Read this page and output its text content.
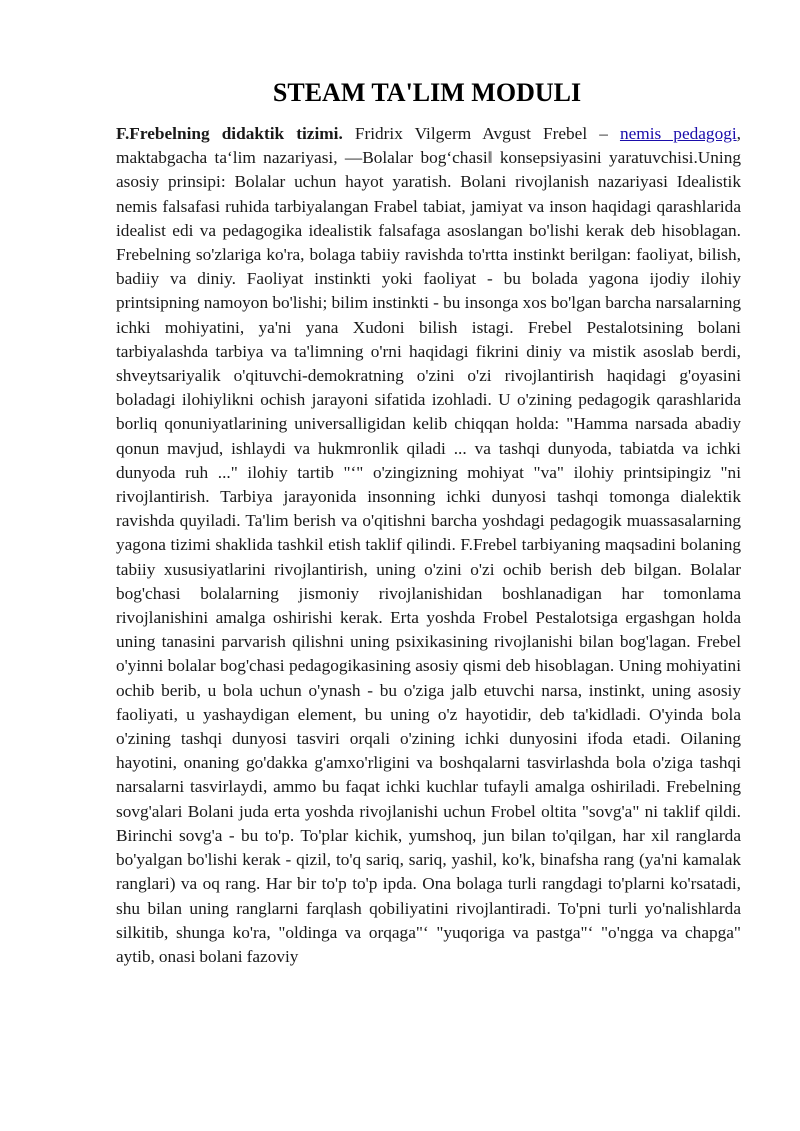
STEAM TA'LIM MODULI

F.Frebelning didaktik tizimi. Fridrix Vilgerm Avgust Frebel – nemis pedagogi, maktabgacha ta‘lim nazariyasi, ―Bolalar bog‘chasi‖ konsepsiyasini yaratuvchisi.Uning asosiy prinsipi: Bolalar uchun hayot yaratish. Bolani rivojlanish nazariyasi Idealistik nemis falsafasi ruhida tarbiyalangan Frabel tabiat, jamiyat va inson haqidagi qarashlarida idealist edi va pedagogika idealistik falsafaga asoslangan bo'lishi kerak deb hisoblagan. Frebelning so'zlariga ko'ra, bolaga tabiiy ravishda to'rtta instinkt berilgan: faoliyat, bilish, badiiy va diniy. Faoliyat instinkti yoki faoliyat - bu bolada yagona ijodiy ilohiy printsipning namoyon bo'lishi; bilim instinkti - bu insonga xos bo'lgan barcha narsalarning ichki mohiyatini, ya'ni yana Xudoni bilish istagi. Frebel Pestalotsining bolani tarbiyalashda tarbiya va ta'limning o'rni haqidagi fikrini diniy va mistik asoslab berdi, shveytsariyalik o'qituvchi-demokratning o'zini o'zi rivojlantirish haqidagi g'oyasini boladagi ilohiylikni ochish jarayoni sifatida izohladi. U o'zining pedagogik qarashlarida borliq qonuniyatlarining universalligidan kelib chiqqan holda: "Hamma narsada abadiy qonun mavjud, ishlaydi va hukmronlik qiladi ... va tashqi dunyoda, tabiatda va ichki dunyoda ruh ..." ilohiy tartib "‘" o'zingizning mohiyat "va" ilohiy printsipingiz "ni rivojlantirish. Tarbiya jarayonida insonning ichki dunyosi tashqi tomonga dialektik ravishda quyiladi. Ta'lim berish va o'qitishni barcha yoshdagi pedagogik muassasalarning yagona tizimi shaklida tashkil etish taklif qilindi. F.Frebel tarbiyaning maqsadini bolaning tabiiy xususiyatlarini rivojlantirish, uning o'zini o'zi ochib berish deb bilgan. Bolalar bog'chasi bolalarning jismoniy rivojlanishidan boshlanadigan har tomonlama rivojlanishini amalga oshirishi kerak. Erta yoshda Frobel Pestalotsiga ergashgan holda uning tanasini parvarish qilishni uning psixikasining rivojlanishi bilan bog'lagan. Frebel o'yinni bolalar bog'chasi pedagogikasining asosiy qismi deb hisoblagan. Uning mohiyatini ochib berib, u bola uchun o'ynash - bu o'ziga jalb etuvchi narsa, instinkt, uning asosiy faoliyati, u yashaydigan element, bu uning o'z hayotidir, deb ta'kidladi. O'yinda bola o'zining tashqi dunyosi tasviri orqali o'zining ichki dunyosini ifoda etadi. Oilaning hayotini, onaning go'dakka g'amxo'rligini va boshqalarni tasvirlashda bola o'ziga tashqi narsalarni tasvirlaydi, ammo bu faqat ichki kuchlar tufayli amalga oshiriladi. Frebelning sovg'alari Bolani juda erta yoshda rivojlanishi uchun Frobel oltita "sovg'a" ni taklif qildi. Birinchi sovg'a - bu to'p. To'plar kichik, yumshoq, jun bilan to'qilgan, har xil ranglarda bo'yalgan bo'lishi kerak - qizil, to'q sariq, sariq, yashil, ko'k, binafsha rang (ya'ni kamalak ranglari) va oq rang. Har bir to'p to'p ipda. Ona bolaga turli rangdagi to'plarni ko'rsatadi, shu bilan uning ranglarni farqlash qobiliyatini rivojlantiradi. To'pni turli yo'nalishlarda silkitib, shunga ko'ra, "oldinga va orqaga"‘ "yuqoriga va pastga"‘ "o'ngga va chapga" aytib, onasi bolani fazoviy
